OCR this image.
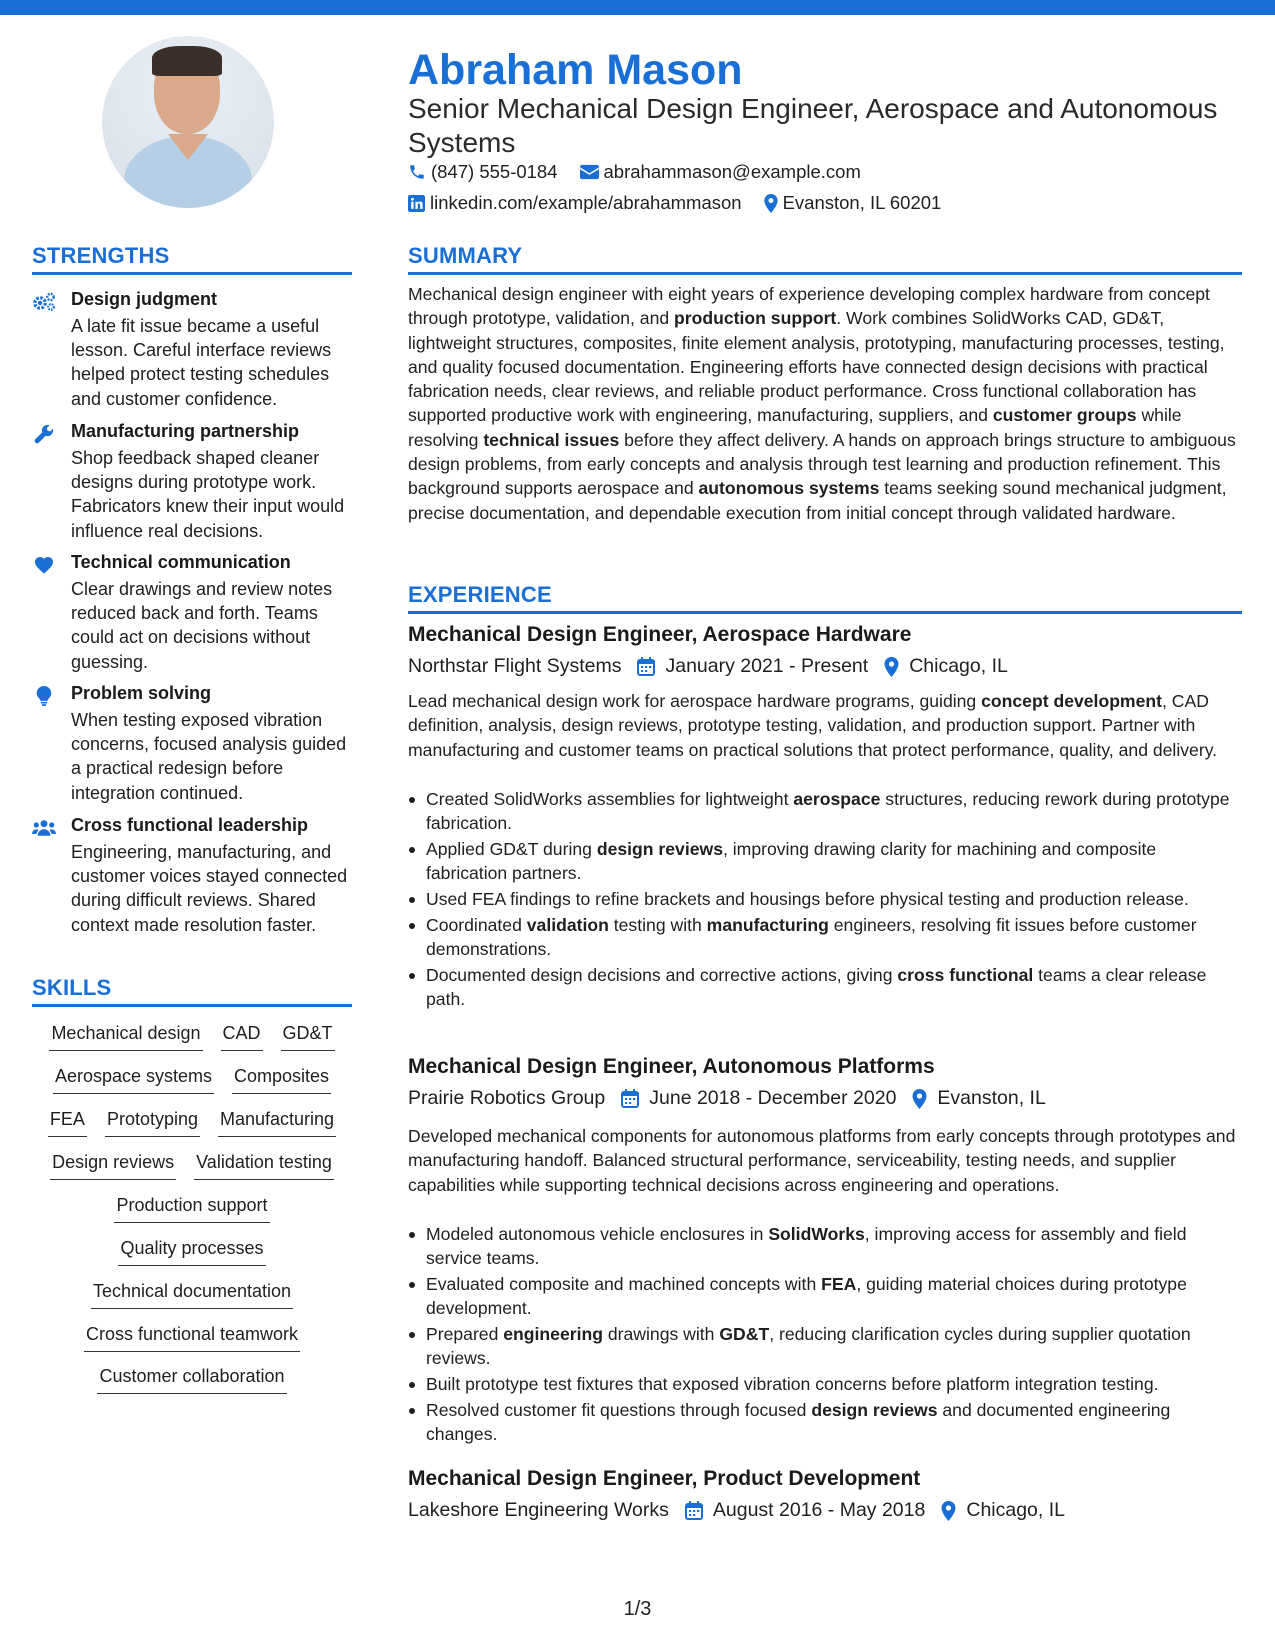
Abraham Mason
Senior Mechanical Design Engineer, Aerospace and Autonomous Systems
(847) 555-0184 abrahammason@example.com
linkedin.com/example/abrahammason Evanston, IL 60201
STRENGTHS
Design judgment
A late fit issue became a useful lesson. Careful interface reviews helped protect testing schedules and customer confidence.
Manufacturing partnership
Shop feedback shaped cleaner designs during prototype work. Fabricators knew their input would influence real decisions.
Technical communication
Clear drawings and review notes reduced back and forth. Teams could act on decisions without guessing.
Problem solving
When testing exposed vibration concerns, focused analysis guided a practical redesign before integration continued.
Cross functional leadership
Engineering, manufacturing, and customer voices stayed connected during difficult reviews. Shared context made resolution faster.
SKILLS
Mechanical design CAD GD&T
Aerospace systems Composites
FEA Prototyping Manufacturing
Design reviews Validation testing
Production support
Quality processes
Technical documentation
Cross functional teamwork
Customer collaboration
SUMMARY

Mechanical design engineer with eight years of experience developing complex hardware from concept through prototype, validation, and production support. Work combines SolidWorks CAD, GD&T, lightweight structures, composites, finite element analysis, prototyping, manufacturing processes, testing, and quality focused documentation. Engineering efforts have connected design decisions with practical fabrication needs, clear reviews, and reliable product performance. Cross functional collaboration has supported productive work with engineering, manufacturing, suppliers, and customer groups while resolving technical issues before they affect delivery. A hands on approach brings structure to ambiguous design problems, from early concepts and analysis through test learning and production refinement. This background supports aerospace and autonomous systems teams seeking sound mechanical judgment, precise documentation, and dependable execution from initial concept through validated hardware.

EXPERIENCE
Mechanical Design Engineer, Aerospace Hardware
Northstar Flight Systems January 2021 - Present Chicago, IL

Lead mechanical design work for aerospace hardware programs, guiding concept development, CAD definition, analysis, design reviews, prototype testing, validation, and production support. Partner with manufacturing and customer teams on practical solutions that protect performance, quality, and delivery.

Created SolidWorks assemblies for lightweight aerospace structures, reducing rework during prototype fabrication.
Applied GD&T during design reviews, improving drawing clarity for machining and composite fabrication partners.
Used FEA findings to refine brackets and housings before physical testing and production release.
Coordinated validation testing with manufacturing engineers, resolving fit issues before customer demonstrations.
Documented design decisions and corrective actions, giving cross functional teams a clear release path.
Mechanical Design Engineer, Autonomous Platforms
Prairie Robotics Group June 2018 - December 2020 Evanston, IL

Developed mechanical components for autonomous platforms from early concepts through prototypes and manufacturing handoff. Balanced structural performance, serviceability, testing needs, and supplier capabilities while supporting technical decisions across engineering and operations.

Modeled autonomous vehicle enclosures in SolidWorks, improving access for assembly and field service teams.
Evaluated composite and machined concepts with FEA, guiding material choices during prototype development.
Prepared engineering drawings with GD&T, reducing clarification cycles during supplier quotation reviews.
Built prototype test fixtures that exposed vibration concerns before platform integration testing.
Resolved customer fit questions through focused design reviews and documented engineering changes.
Mechanical Design Engineer, Product Development
Lakeshore Engineering Works August 2016 - May 2018 Chicago, IL
1/3
